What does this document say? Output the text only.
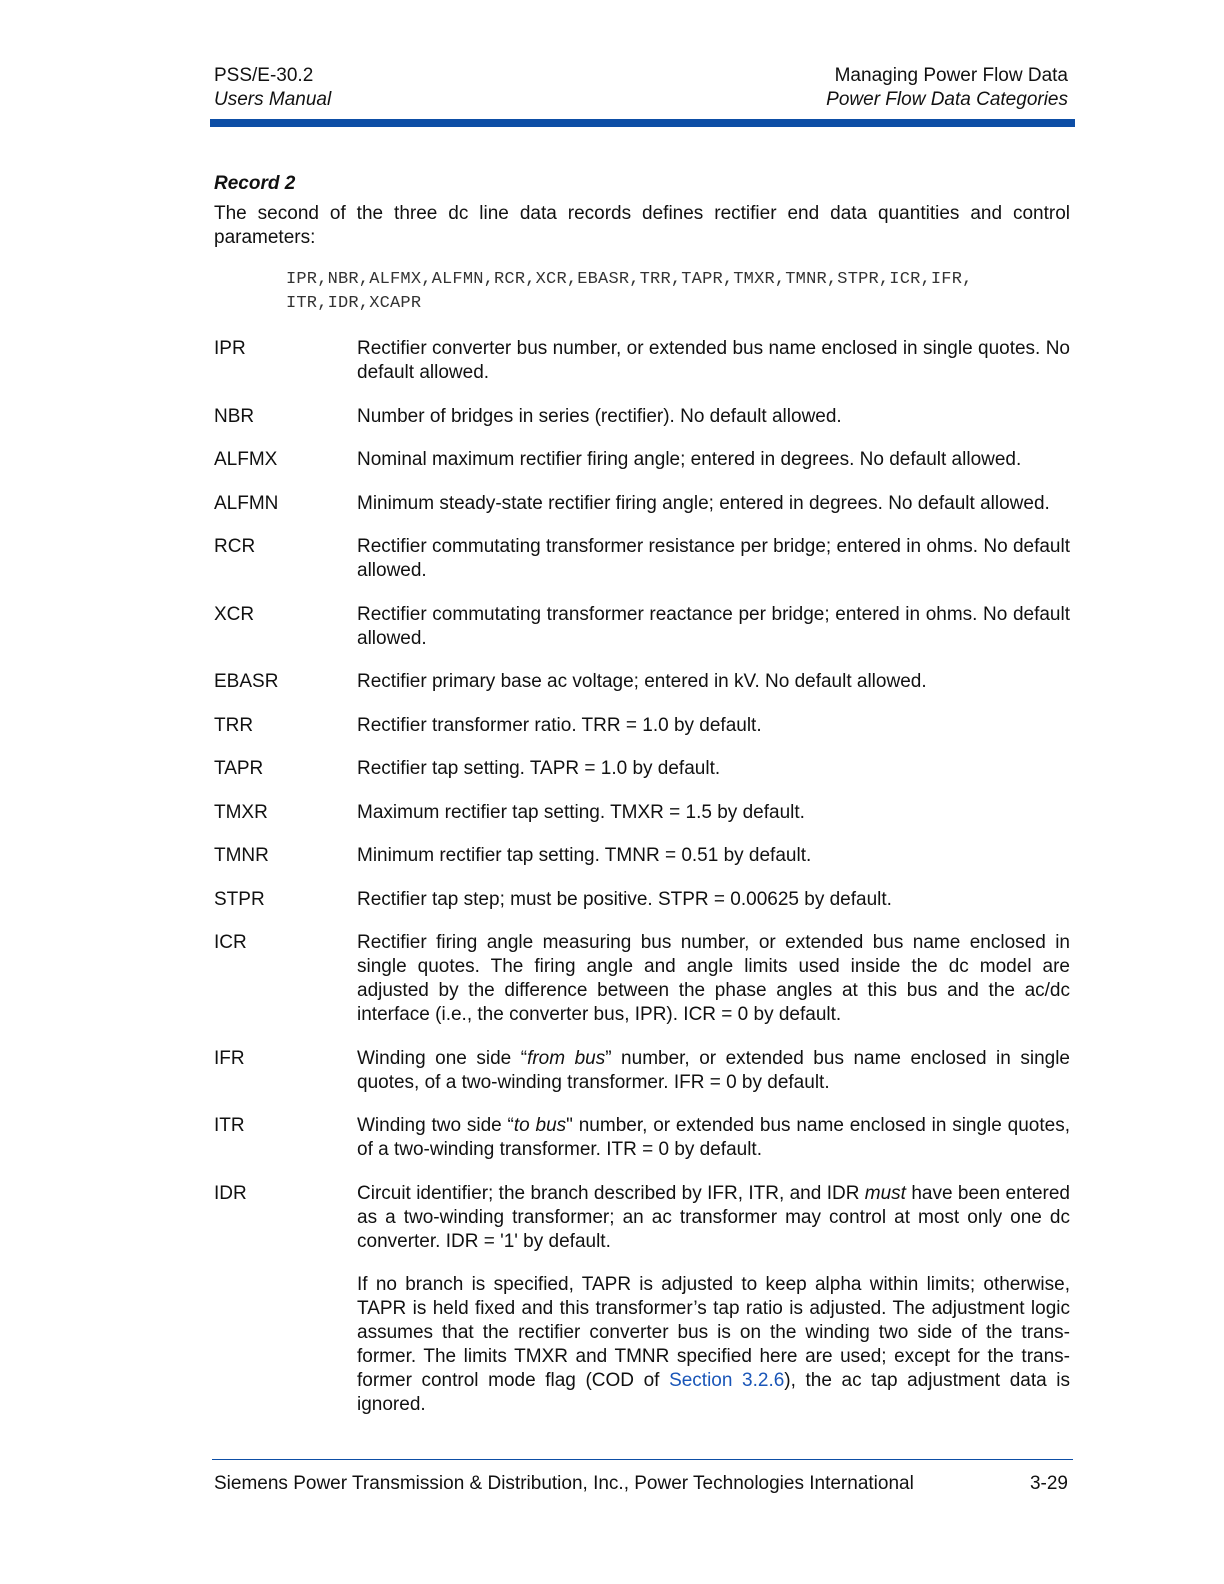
PSS/E-30.2
Users Manual
Managing Power Flow Data
Power Flow Data Categories

Record 2

The second of the three dc line data records defines rectifier end data quantities and control parameters:

IPR,NBR,ALFMX,ALFMN,RCR,XCR,EBASR,TRR,TAPR,TMXR,TMNR,STPR,ICR,IFR,
ITR,IDR,XCAPR
IPR	Rectifier converter bus number, or extended bus name enclosed in single quotes. No default allowed.
NBR	Number of bridges in series (rectifier). No default allowed.
ALFMX	Nominal maximum rectifier firing angle; entered in degrees. No default allowed.
ALFMN	Minimum steady-state rectifier firing angle; entered in degrees. No default allowed.
RCR	Rectifier commutating transformer resistance per bridge; entered in ohms. No default allowed.
XCR	Rectifier commutating transformer reactance per bridge; entered in ohms. No default allowed.
EBASR	Rectifier primary base ac voltage; entered in kV. No default allowed.
TRR	Rectifier transformer ratio. TRR = 1.0 by default.
TAPR	Rectifier tap setting. TAPR = 1.0 by default.
TMXR	Maximum rectifier tap setting. TMXR = 1.5 by default.
TMNR	Minimum rectifier tap setting. TMNR = 0.51 by default.
STPR	Rectifier tap step; must be positive. STPR = 0.00625 by default.
ICR	Rectifier firing angle measuring bus number, or extended bus name enclosed in single quotes. The firing angle and angle limits used inside the dc model are adjusted by the difference between the phase angles at this bus and the ac/dc interface (i.e., the converter bus, IPR). ICR = 0 by default.
IFR	Winding one side “from bus” number, or extended bus name enclosed in single quotes, of a two-winding transformer. IFR = 0 by default.
ITR	Winding two side “to bus" number, or extended bus name enclosed in single quotes, of a two-winding transformer. ITR = 0 by default.
IDR	Circuit identifier; the branch described by IFR, ITR, and IDR must have been entered as a two-winding transformer; an ac transformer may control at most only one dc converter. IDR = '1' by default.
If no branch is specified, TAPR is adjusted to keep alpha within limits; otherwise, TAPR is held fixed and this transformer’s tap ratio is adjusted. The adjustment logic assumes that the rectifier converter bus is on the winding two side of the transformer. The limits TMXR and TMNR specified here are used; except for the transformer control mode flag (COD of Section 3.2.6), the ac tap adjustment data is ignored.
Siemens Power Transmission & Distribution, Inc., Power Technologies International	3-29
